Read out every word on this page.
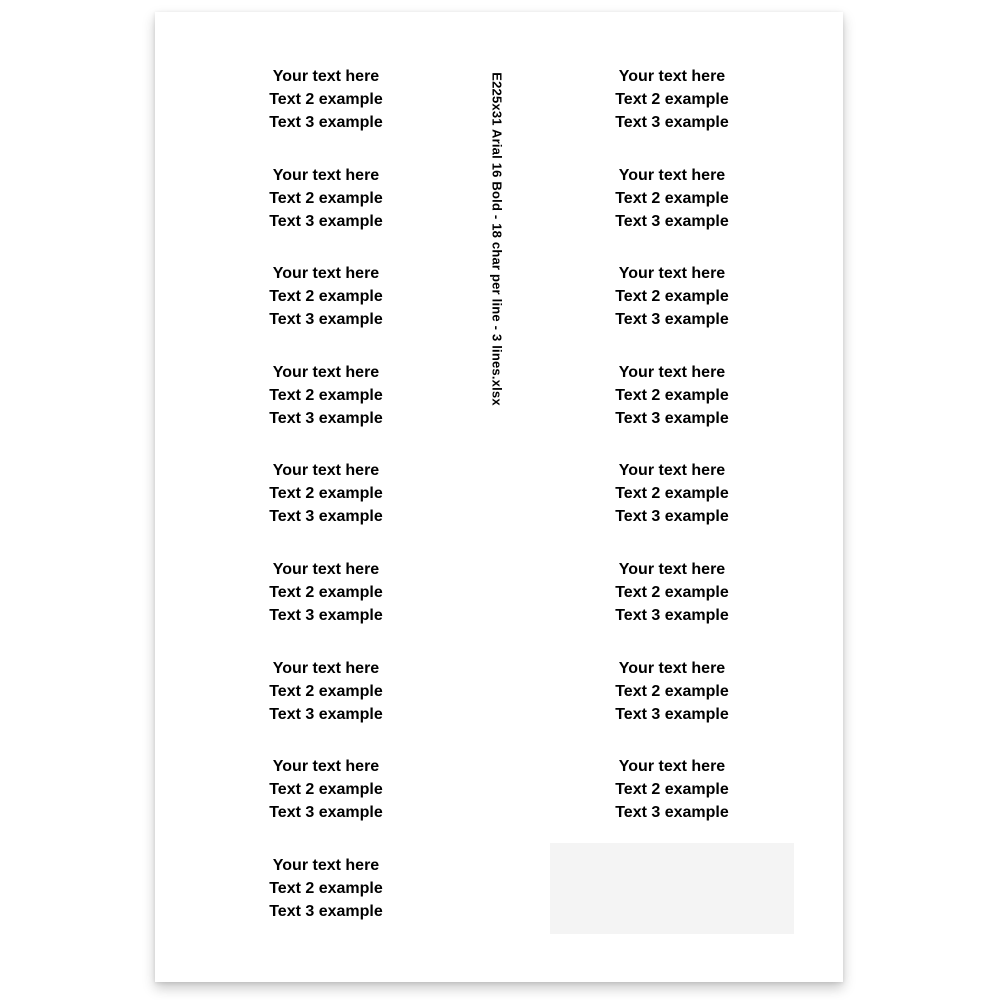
Your text here
Text 2 example
Text 3 example
Your text here
Text 2 example
Text 3 example
Your text here
Text 2 example
Text 3 example
Your text here
Text 2 example
Text 3 example
Your text here
Text 2 example
Text 3 example
Your text here
Text 2 example
Text 3 example
Your text here
Text 2 example
Text 3 example
Your text here
Text 2 example
Text 3 example
Your text here
Text 2 example
Text 3 example
Your text here
Text 2 example
Text 3 example
Your text here
Text 2 example
Text 3 example
Your text here
Text 2 example
Text 3 example
Your text here
Text 2 example
Text 3 example
Your text here
Text 2 example
Text 3 example
Your text here
Text 2 example
Text 3 example
Your text here
Text 2 example
Text 3 example
Your text here
Text 2 example
Text 3 example
E225x31 Arial 16 Bold - 18 char per line - 3 lines.xlsx
